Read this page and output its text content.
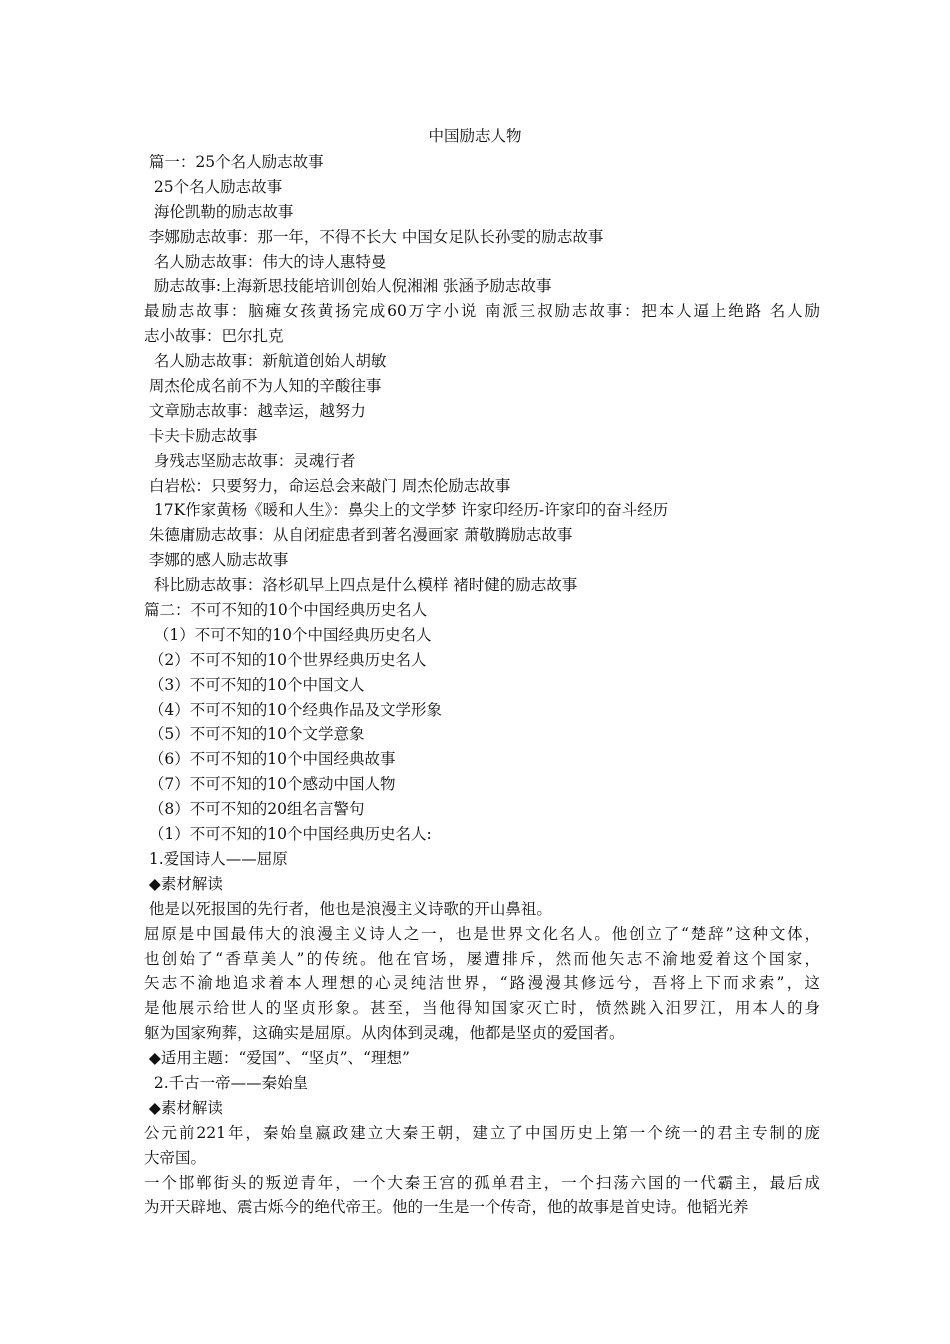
中国励志人物
篇一：25个名人励志故事
25个名人励志故事
海伦凯勒的励志故事
李娜励志故事：那一年，不得不长大 中国女足队长孙雯的励志故事
名人励志故事：伟大的诗人惠特曼
励志故事:上海新思技能培训创始人倪湘湘 张涵予励志故事
最励志故事：脑瘫女孩黄扬完成60万字小说 南派三叔励志故事：把本人逼上绝路 名人励
志小故事：巴尔扎克
名人励志故事：新航道创始人胡敏
周杰伦成名前不为人知的辛酸往事
文章励志故事：越幸运，越努力
卡夫卡励志故事
身残志坚励志故事：灵魂行者
白岩松：只要努力，命运总会来敲门 周杰伦励志故事
17K作家黄杨《暖和人生》：鼻尖上的文学梦 许家印经历-许家印的奋斗经历
朱德庸励志故事：从自闭症患者到著名漫画家 萧敬腾励志故事
李娜的感人励志故事
科比励志故事：洛杉矶早上四点是什么模样 褚时健的励志故事
篇二：不可不知的10个中国经典历史名人
（1）不可不知的10个中国经典历史名人
（2）不可不知的10个世界经典历史名人
（3）不可不知的10个中国文人
（4）不可不知的10个经典作品及文学形象
（5）不可不知的10个文学意象
（6）不可不知的10个中国经典故事
（7）不可不知的10个感动中国人物
（8）不可不知的20组名言警句
（1）不可不知的10个中国经典历史名人:
1.爱国诗人——屈原
◆素材解读
他是以死报国的先行者，他也是浪漫主义诗歌的开山鼻祖。
屈原是中国最伟大的浪漫主义诗人之一，也是世界文化名人。他创立了“楚辞”这种文体，
也创始了“香草美人”的传统。他在官场，屡遭排斥，然而他矢志不渝地爱着这个国家，
矢志不渝地追求着本人理想的心灵纯洁世界，“路漫漫其修远兮，吾将上下而求索”，这
是他展示给世人的坚贞形象。甚至，当他得知国家灭亡时，愤然跳入汨罗江，用本人的身
躯为国家殉葬，这确实是屈原。从肉体到灵魂，他都是坚贞的爱国者。
◆适用主题：“爱国”、“坚贞”、“理想”
2.千古一帝——秦始皇
◆素材解读
公元前221年，秦始皇嬴政建立大秦王朝，建立了中国历史上第一个统一的君主专制的庞
大帝国。
一个邯郸街头的叛逆青年，一个大秦王宫的孤单君主，一个扫荡六国的一代霸主，最后成
为开天辟地、震古烁今的绝代帝王。他的一生是一个传奇，他的故事是首史诗。他韬光养
